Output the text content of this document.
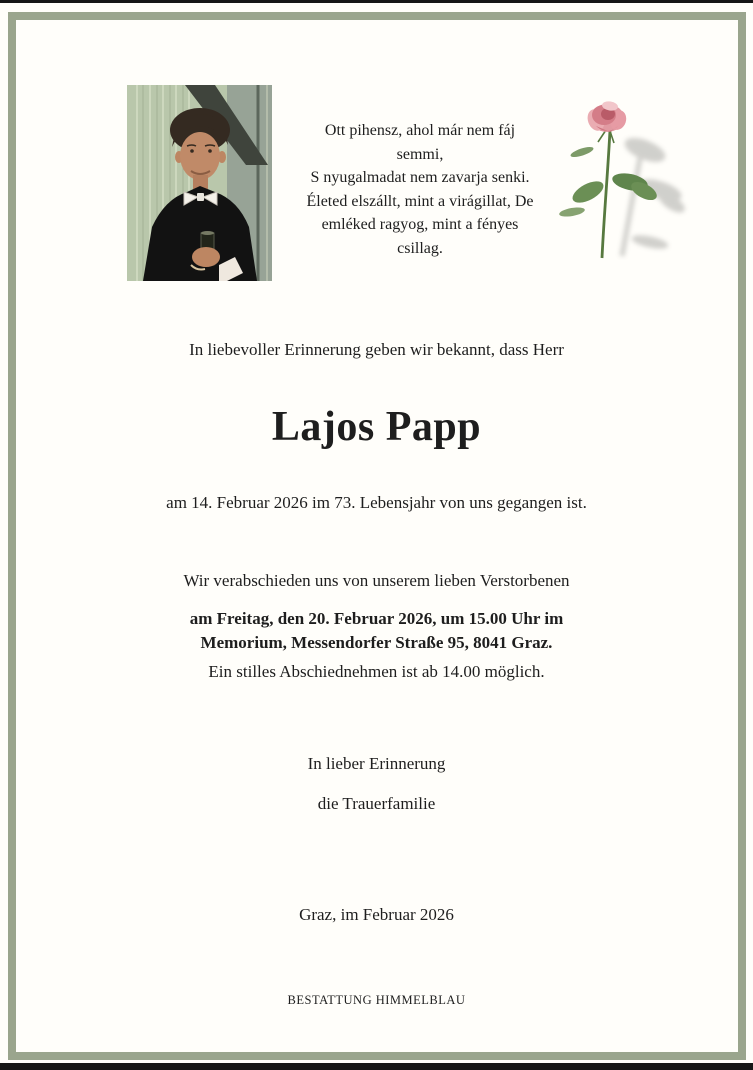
Ott pihensz, ahol már nem fáj
semmi,
S nyugalmadat nem zavarja senki.
Életed elszállt, mint a virágillat, De
emléked ragyog, mint a fényes
csillag.
In liebevoller Erinnerung geben wir bekannt, dass Herr
Lajos Papp
am 14. Februar 2026 im 73. Lebensjahr von uns gegangen ist.
Wir verabschieden uns von unserem lieben Verstorbenen
am Freitag, den 20. Februar 2026, um 15.00 Uhr im
Memorium, Messendorfer Straße 95, 8041 Graz.
Ein stilles Abschiednehmen ist ab 14.00 möglich.
In lieber Erinnerung
die Trauerfamilie
Graz, im Februar 2026
BESTATTUNG HIMMELBLAU
